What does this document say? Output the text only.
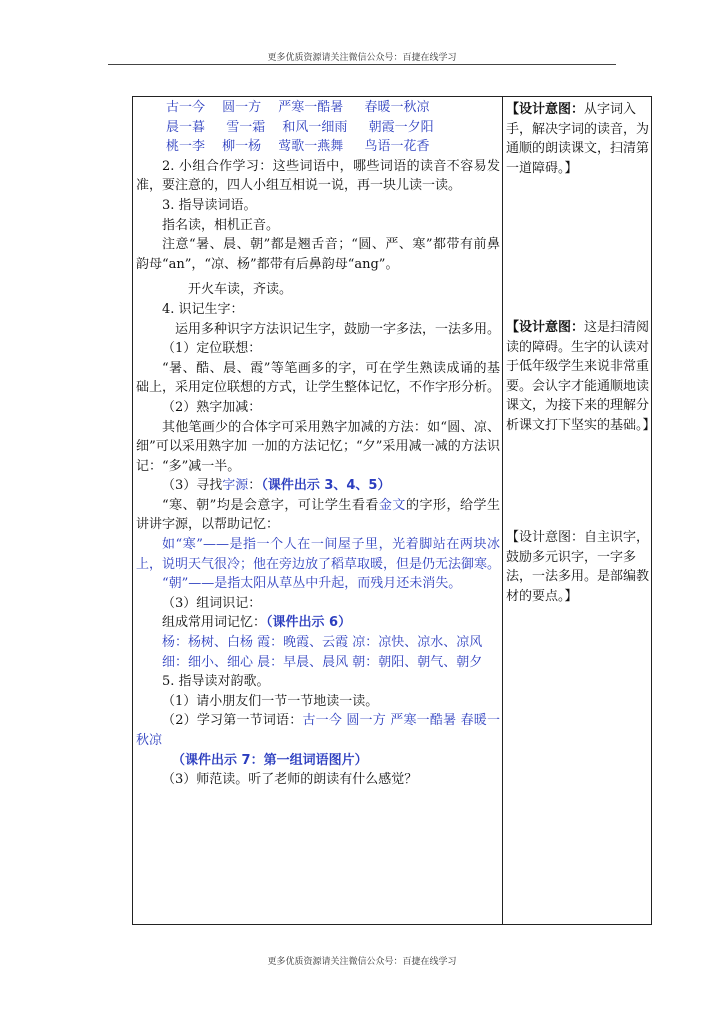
更多优质资源请关注微信公众号：百捷在线学习
古一今　 圆一方　 严寒一酷暑 　 春暖一秋凉
晨一暮 　 雪一霜　 和风一细雨 　 朝霞一夕阳
桃一李　 柳一杨　 莺歌一燕舞 　 鸟语一花香
2. 小组合作学习：这些词语中，哪些词语的读音不容易发准，要注意的，四人小组互相说一说，再一块儿读一读。
3. 指导读词语。
指名读，相机正音。
注意“暑、晨、朝”都是翘舌音；“圆、严、寒”都带有前鼻韵母“an”，“凉、杨”都带有后鼻韵母“ang”。
开火车读，齐读。
4. 识记生字：
运用多种识字方法识记生字，鼓励一字多法，一法多用。
（1）定位联想：
“暑、酷、晨、霞”等笔画多的字，可在学生熟读成诵的基础上，采用定位联想的方式，让学生整体记忆，不作字形分析。
（2）熟字加减：
其他笔画少的合体字可采用熟字加减的方法：如“圆、凉、细”可以采用熟字加 一加的方法记忆；“夕”采用减一减的方法识记：“多”减一半。
（3）寻找字源：（课件出示 3、4、5）
“寒、朝”均是会意字，可让学生看看金文的字形，给学生讲讲字源，以帮助记忆：
如“寒”——是指一个人在一间屋子里，光着脚站在两块冰上，说明天气很冷；他在旁边放了稻草取暖，但是仍无法御寒。
“朝”——是指太阳从草丛中升起，而残月还未消失。
（3）组词识记：
组成常用词记忆：（课件出示 6）
杨：杨树、白杨 霞：晚霞、云霞 凉：凉快、凉水、凉风
细：细小、细心 晨：早晨、晨风 朝：朝阳、朝气、朝夕
5. 指导读对韵歌。
（1）请小朋友们一节一节地读一读。
（2）学习第一节词语：古一今 圆一方 严寒一酷暑 春暖一秋凉
（课件出示 7：第一组词语图片）
（3）师范读。听了老师的朗读有什么感觉？
【设计意图：从字词入手，解决字词的读音，为通顺的朗读课文，扫清第一道障碍。】
【设计意图：这是扫清阅读的障碍。生字的认读对于低年级学生来说非常重要。会认字才能通顺地读课文，为接下来的理解分析课文打下坚实的基础。】
【设计意图：自主识字，鼓励多元识字，一字多法，一法多用。是部编教材的要点。】
更多优质资源请关注微信公众号：百捷在线学习
